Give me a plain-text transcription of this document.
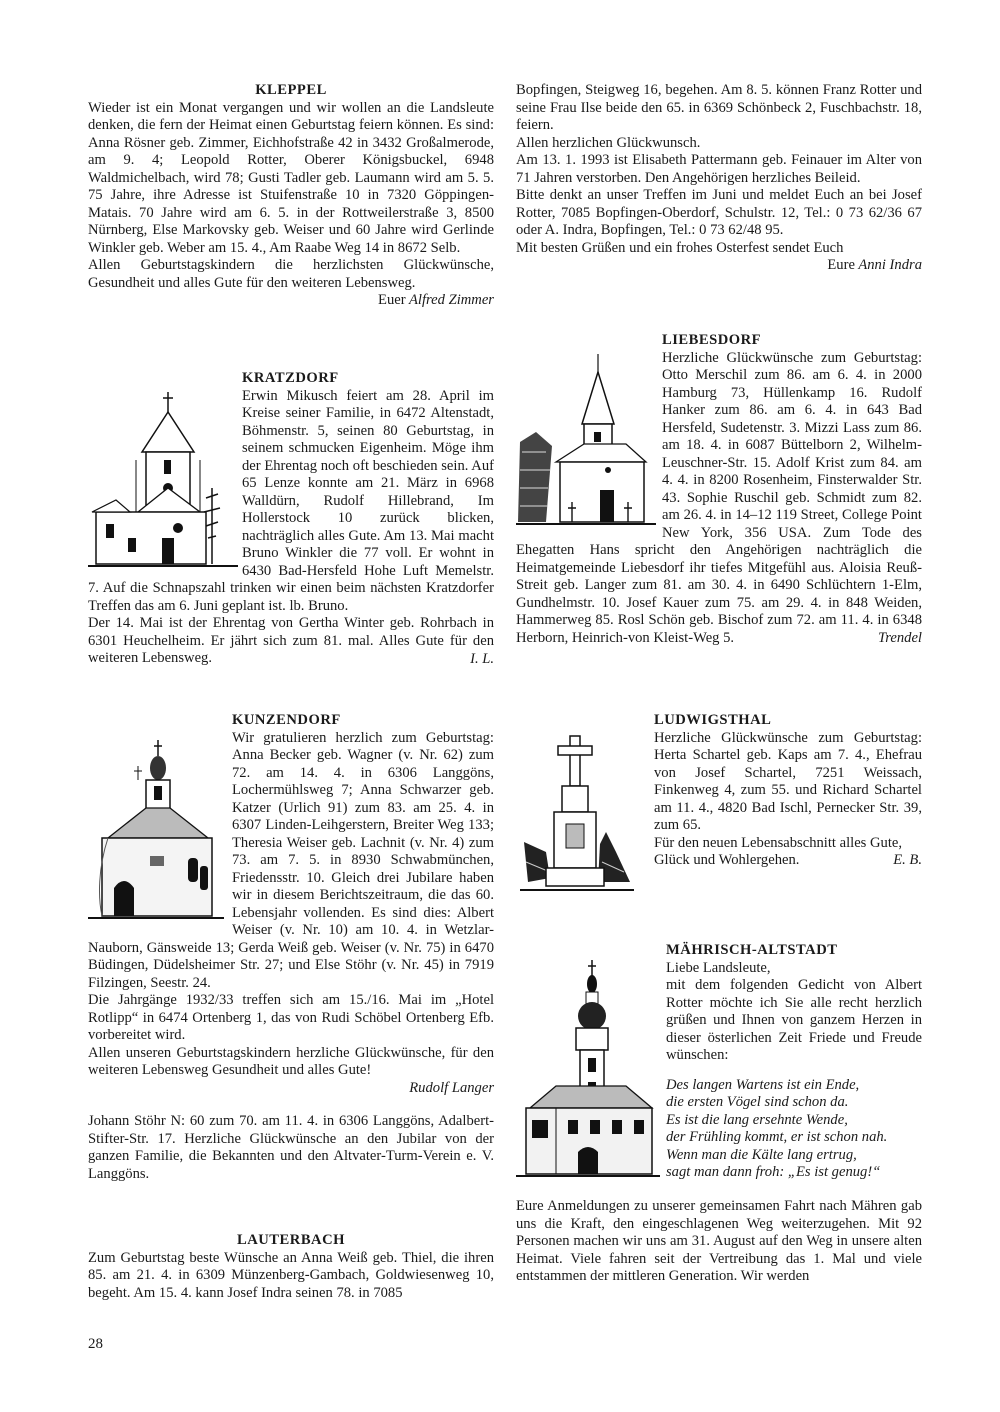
KLEPPEL

Wieder ist ein Monat vergangen und wir wollen an die Landsleute denken, die fern der Heimat einen Geburtstag feiern können. Es sind: Anna Rösner geb. Zimmer, Eichhofstraße 42 in 3432 Großalmerode, am 9. 4; Leopold Rotter, Oberer Königsbuckel, 6948 Waldmichelbach, wird 78; Gusti Tadler geb. Laumann wird am 5. 5. 75 Jahre, ihre Adresse ist Stuifenstraße 10 in 7320 Göppingen-Matais. 70 Jahre wird am 6. 5. in der Rottweilerstraße 3, 8500 Nürnberg, Else Markovsky geb. Weiser und 60 Jahre wird Gerlinde Winkler geb. Weber am 15. 4., Am Raabe Weg 14 in 8672 Selb.

Allen Geburtstagskindern die herzlichsten Glückwünsche, Gesundheit und alles Gute für den weiteren Lebensweg.

Euer Alfred Zimmer

KRATZDORF

Erwin Mikusch feiert am 28. April im Kreise seiner Familie, in 6472 Altenstadt, Böhmenstr. 5, seinen 80 Geburtstag, in seinem schmucken Eigenheim. Möge ihm der Ehrentag noch oft beschieden sein. Auf 65 Lenze konnte am 21. März in 6968 Walldürn, Rudolf Hillebrand, Im Hollerstock 10 zurück blicken, nachträglich alles Gute. Am 13. Mai macht Bruno Winkler die 77 voll. Er wohnt in 6430 Bad-Hersfeld Hohe Luft Memelstr. 7. Auf die Schnapszahl trinken wir einen beim nächsten Kratzdorfer Treffen das am 6. Juni geplant ist. lb. Bruno.

Der 14. Mai ist der Ehrentag von Gertha Winter geb. Rohrbach in 6301 Heuchelheim. Er jährt sich zum 81. mal. Alles Gute für den weiteren Lebensweg.	I. L.

KUNZENDORF

Wir gratulieren herzlich zum Geburtstag: Anna Becker geb. Wagner (v. Nr. 62) zum 72. am 14. 4. in 6306 Langgöns, Lochermühlsweg 7; Anna Schwarzer geb. Katzer (Urlich 91) zum 83. am 25. 4. in 6307 Linden-Leihgerstern, Breiter Weg 133; Theresia Weiser geb. Lachnit (v. Nr. 4) zum 73. am 7. 5. in 8930 Schwabmünchen, Friedensstr. 10. Gleich drei Jubilare haben wir in diesem Berichtszeitraum, die das 60. Lebensjahr vollenden. Es sind dies: Albert Weiser (v. Nr. 10) am 10. 4. in Wetzlar-Nauborn, Gänsweide 13; Gerda Weiß geb. Weiser (v. Nr. 75) in 6470 Büdingen, Düdelsheimer Str. 27; und Else Stöhr (v. Nr. 45) in 7919 Filzingen, Seestr. 24.

Die Jahrgänge 1932/33 treffen sich am 15./16. Mai im „Hotel Rotlipp“ in 6474 Ortenberg 1, das von Rudi Schöbel Ortenberg Efb. vorbereitet wird.

Allen unseren Geburtstagskindern herzliche Glückwünsche, für den weiteren Lebensweg Gesundheit und alles Gute!

Rudolf Langer

Johann Stöhr N: 60 zum 70. am 11. 4. in 6306 Langgöns, Adalbert-Stifter-Str. 17. Herzliche Glückwünsche an den Jubilar von der ganzen Familie, die Bekannten und den Altvater-Turm-Verein e. V. Langgöns.

LAUTERBACH

Zum Geburtstag beste Wünsche an Anna Weiß geb. Thiel, die ihren 85. am 21. 4. in 6309 Münzenberg-Gambach, Goldwiesenweg 10, begeht. Am 15. 4. kann Josef Indra seinen 78. in 7085

28

Bopfingen, Steigweg 16, begehen. Am 8. 5. können Franz Rotter und seine Frau Ilse beide den 65. in 6369 Schönbeck 2, Fuschbachstr. 18, feiern.

Allen herzlichen Glückwunsch.

Am 13. 1. 1993 ist Elisabeth Pattermann geb. Feinauer im Alter von 71 Jahren verstorben. Den Angehörigen herzliches Beileid.

Bitte denkt an unser Treffen im Juni und meldet Euch an bei Josef Rotter, 7085 Bopfingen-Oberdorf, Schulstr. 12, Tel.: 0 73 62/36 67 oder A. Indra, Bopfingen, Tel.: 0 73 62/48 95.

Mit besten Grüßen und ein frohes Osterfest sendet Euch

Eure Anni Indra

LIEBESDORF

Herzliche Glückwünsche zum Geburtstag: Otto Merschil zum 86. am 6. 4. in 2000 Hamburg 73, Hüllenkamp 16. Rudolf Hanker zum 86. am 6. 4. in 643 Bad Hersfeld, Sudetenstr. 3. Mizzi Lass zum 86. am 18. 4. in 6087 Büttelborn 2, Wilhelm-Leuschner-Str. 15. Adolf Krist zum 84. am 4. 4. in 8200 Rosenheim, Finsterwalder Str. 43. Sophie Ruschil geb. Schmidt zum 82. am 26. 4. in 14–12 119 Street, College Point New York, 356 USA. Zum Tode des Ehegatten Hans spricht den Angehörigen nachträglich die Heimatgemeinde Liebesdorf ihr tiefes Mitgefühl aus. Aloisia Reuß-Streit geb. Langer zum 81. am 30. 4. in 6490 Schlüchtern 1-Elm, Gundhelmstr. 10. Josef Kauer zum 75. am 29. 4. in 848 Weiden, Hammerweg 85. Rosl Schön geb. Bischof zum 72. am 11. 4. in 6348 Herborn, Heinrich-von Kleist-Weg 5.	Trendel

LUDWIGSTHAL

Herzliche Glückwünsche zum Geburtstag: Herta Schartel geb. Kaps am 7. 4., Ehefrau von Josef Schartel, 7251 Weissach, Finkenweg 4, zum 55. und Richard Schartel am 11. 4., 4820 Bad Ischl, Pernecker Str. 39, zum 65.

Für den neuen Lebensabschnitt alles Gute, Glück und Wohlergehen.	E. B.

MÄHRISCH-ALTSTADT

Liebe Landsleute,

mit dem folgenden Gedicht von Albert Rotter möchte ich Sie alle recht herzlich grüßen und Ihnen von ganzem Herzen in dieser österlichen Zeit Friede und Freude wünschen:

Des langen Wartens ist ein Ende,
die ersten Vögel sind schon da.
Es ist die lang ersehnte Wende,
der Frühling kommt, er ist schon nah.
Wenn man die Kälte lang ertrug,
sagt man dann froh: „Es ist genug!“

Eure Anmeldungen zu unserer gemeinsamen Fahrt nach Mähren gab uns die Kraft, den eingeschlagenen Weg weiterzugehen. Mit 92 Personen machen wir uns am 31. August auf den Weg in unsere alten Heimat. Viele fahren seit der Vertreibung das 1. Mal und viele entstammen der mittleren Generation. Wir werden
